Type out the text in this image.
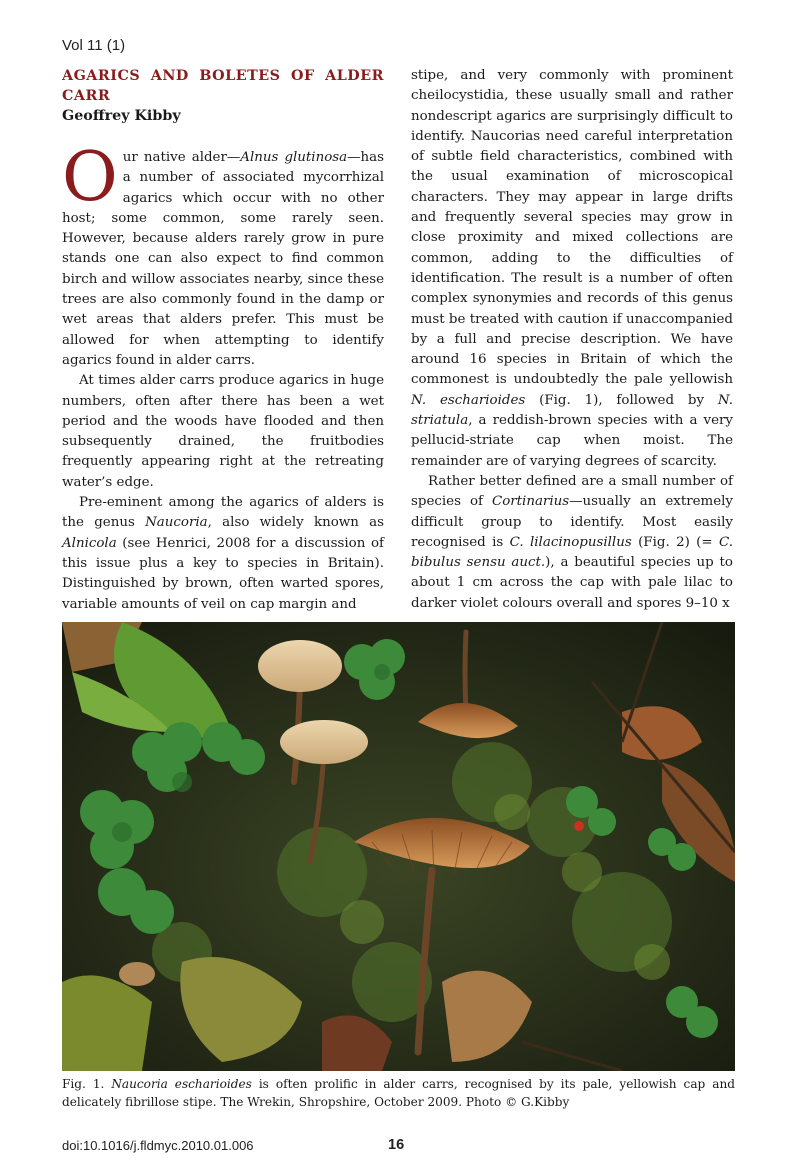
Vol 11 (1)
AGARICS AND BOLETES OF ALDER CARR
Geoffrey Kibby

Our native alder—Alnus glutinosa—has a number of associated mycorrhizal agarics which occur with no other host; some common, some rarely seen. However, because alders rarely grow in pure stands one can also expect to find common birch and willow associates nearby, since these trees are also commonly found in the damp or wet areas that alders prefer. This must be allowed for when attempting to identify agarics found in alder carrs.

At times alder carrs produce agarics in huge numbers, often after there has been a wet period and the woods have flooded and then subsequently drained, the fruitbodies frequently appearing right at the retreating water’s edge.

Pre-eminent among the agarics of alders is the genus Naucoria, also widely known as Alnicola (see Henrici, 2008 for a discussion of this issue plus a key to species in Britain). Distinguished by brown, often warted spores, variable amounts of veil on cap margin and

stipe, and very commonly with prominent cheilocystidia, these usually small and rather nondescript agarics are surprisingly difficult to identify. Naucorias need careful interpretation of subtle field characteristics, combined with the usual examination of microscopical characters. They may appear in large drifts and frequently several species may grow in close proximity and mixed collections are common, adding to the difficulties of identification. The result is a number of often complex synonymies and records of this genus must be treated with caution if unaccompanied by a full and precise description. We have around 16 species in Britain of which the commonest is undoubtedly the pale yellowish N. escharioides (Fig. 1), followed by N. striatula, a reddish-brown species with a very pellucid-striate cap when moist. The remainder are of varying degrees of scarcity.

Rather better defined are a small number of species of Cortinarius—usually an extremely difficult group to identify. Most easily recognised is C. lilacinopusillus (Fig. 2) (= C. bibulus sensu auct.), a beautiful species up to about 1 cm across the cap with pale lilac to darker violet colours overall and spores 9–10 x

Fig. 1. Naucoria escharioides is often prolific in alder carrs, recognised by its pale, yellowish cap and delicately fibrillose stipe. The Wrekin, Shropshire, October 2009. Photo © G.Kibby
doi:10.1016/j.fldmyc.2010.01.006	16
